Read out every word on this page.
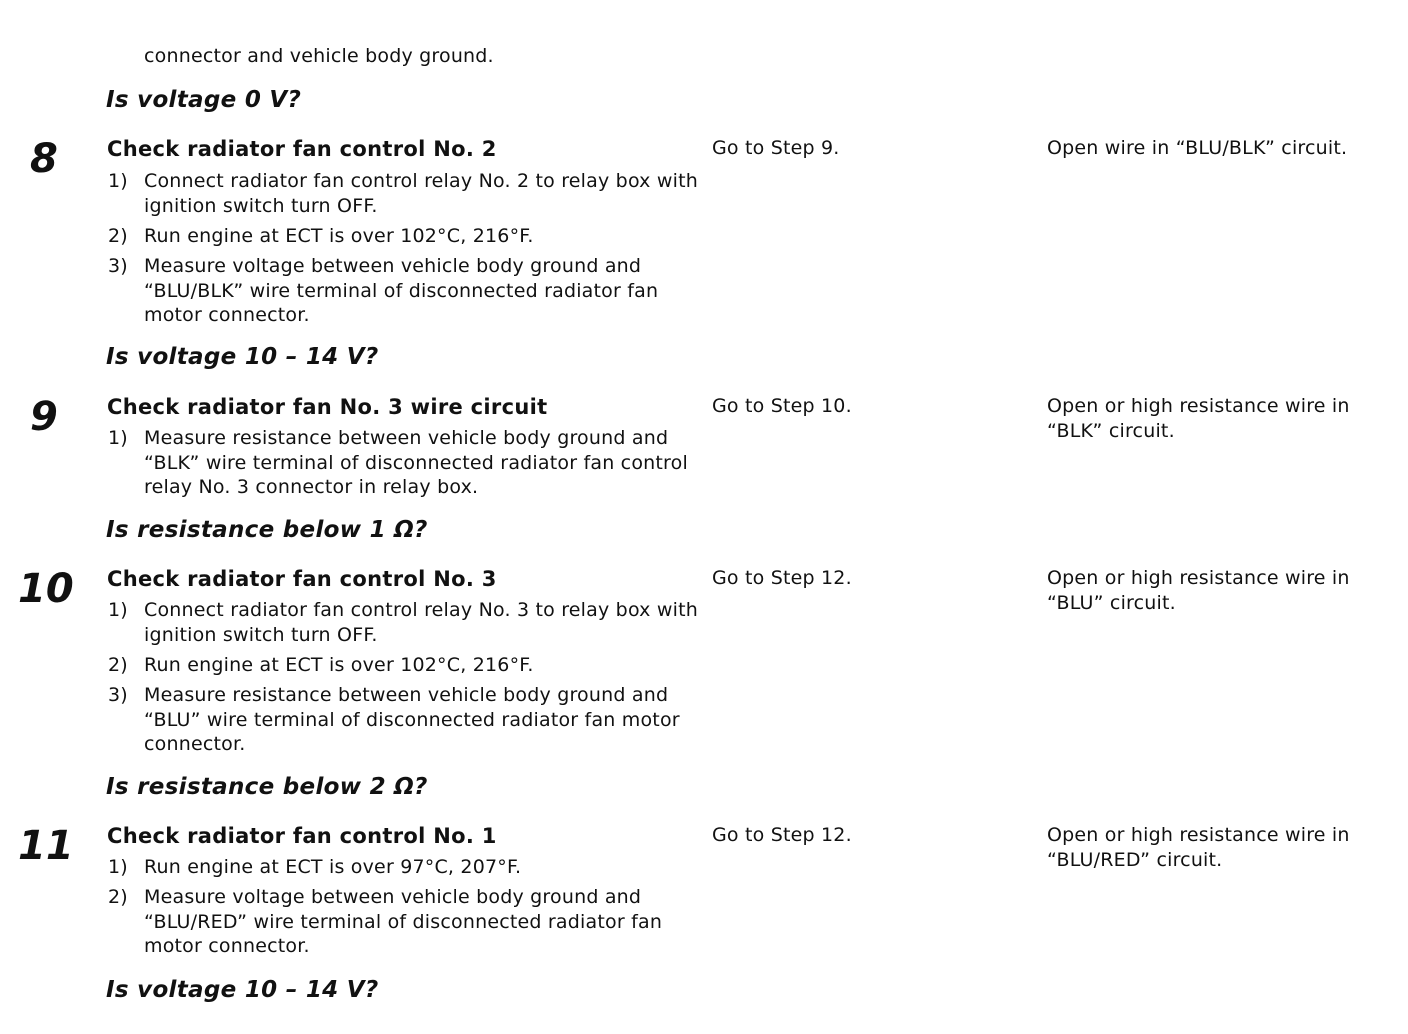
connector and vehicle body ground.
Is voltage 0 V?
8 Check radiator fan control No. 2
1) Connect radiator fan control relay No. 2 to relay box with ignition switch turn OFF.
2) Run engine at ECT is over 102°C, 216°F.
3) Measure voltage between vehicle body ground and “BLU/BLK” wire terminal of disconnected radiator fan motor connector.
Is voltage 10 – 14 V?
Go to Step 9.	Open wire in “BLU/BLK” circuit.
9 Check radiator fan No. 3 wire circuit
1) Measure resistance between vehicle body ground and “BLK” wire terminal of disconnected radiator fan control relay No. 3 connector in relay box.
Is resistance below 1 Ω?
Go to Step 10.	Open or high resistance wire in “BLK” circuit.
10 Check radiator fan control No. 3
1) Connect radiator fan control relay No. 3 to relay box with ignition switch turn OFF.
2) Run engine at ECT is over 102°C, 216°F.
3) Measure resistance between vehicle body ground and “BLU” wire terminal of disconnected radiator fan motor connector.
Is resistance below 2 Ω?
Go to Step 12.	Open or high resistance wire in “BLU” circuit.
11 Check radiator fan control No. 1
1) Run engine at ECT is over 97°C, 207°F.
2) Measure voltage between vehicle body ground and “BLU/RED” wire terminal of disconnected radiator fan motor connector.
Is voltage 10 – 14 V?
Go to Step 12.	Open or high resistance wire in “BLU/RED” circuit.
